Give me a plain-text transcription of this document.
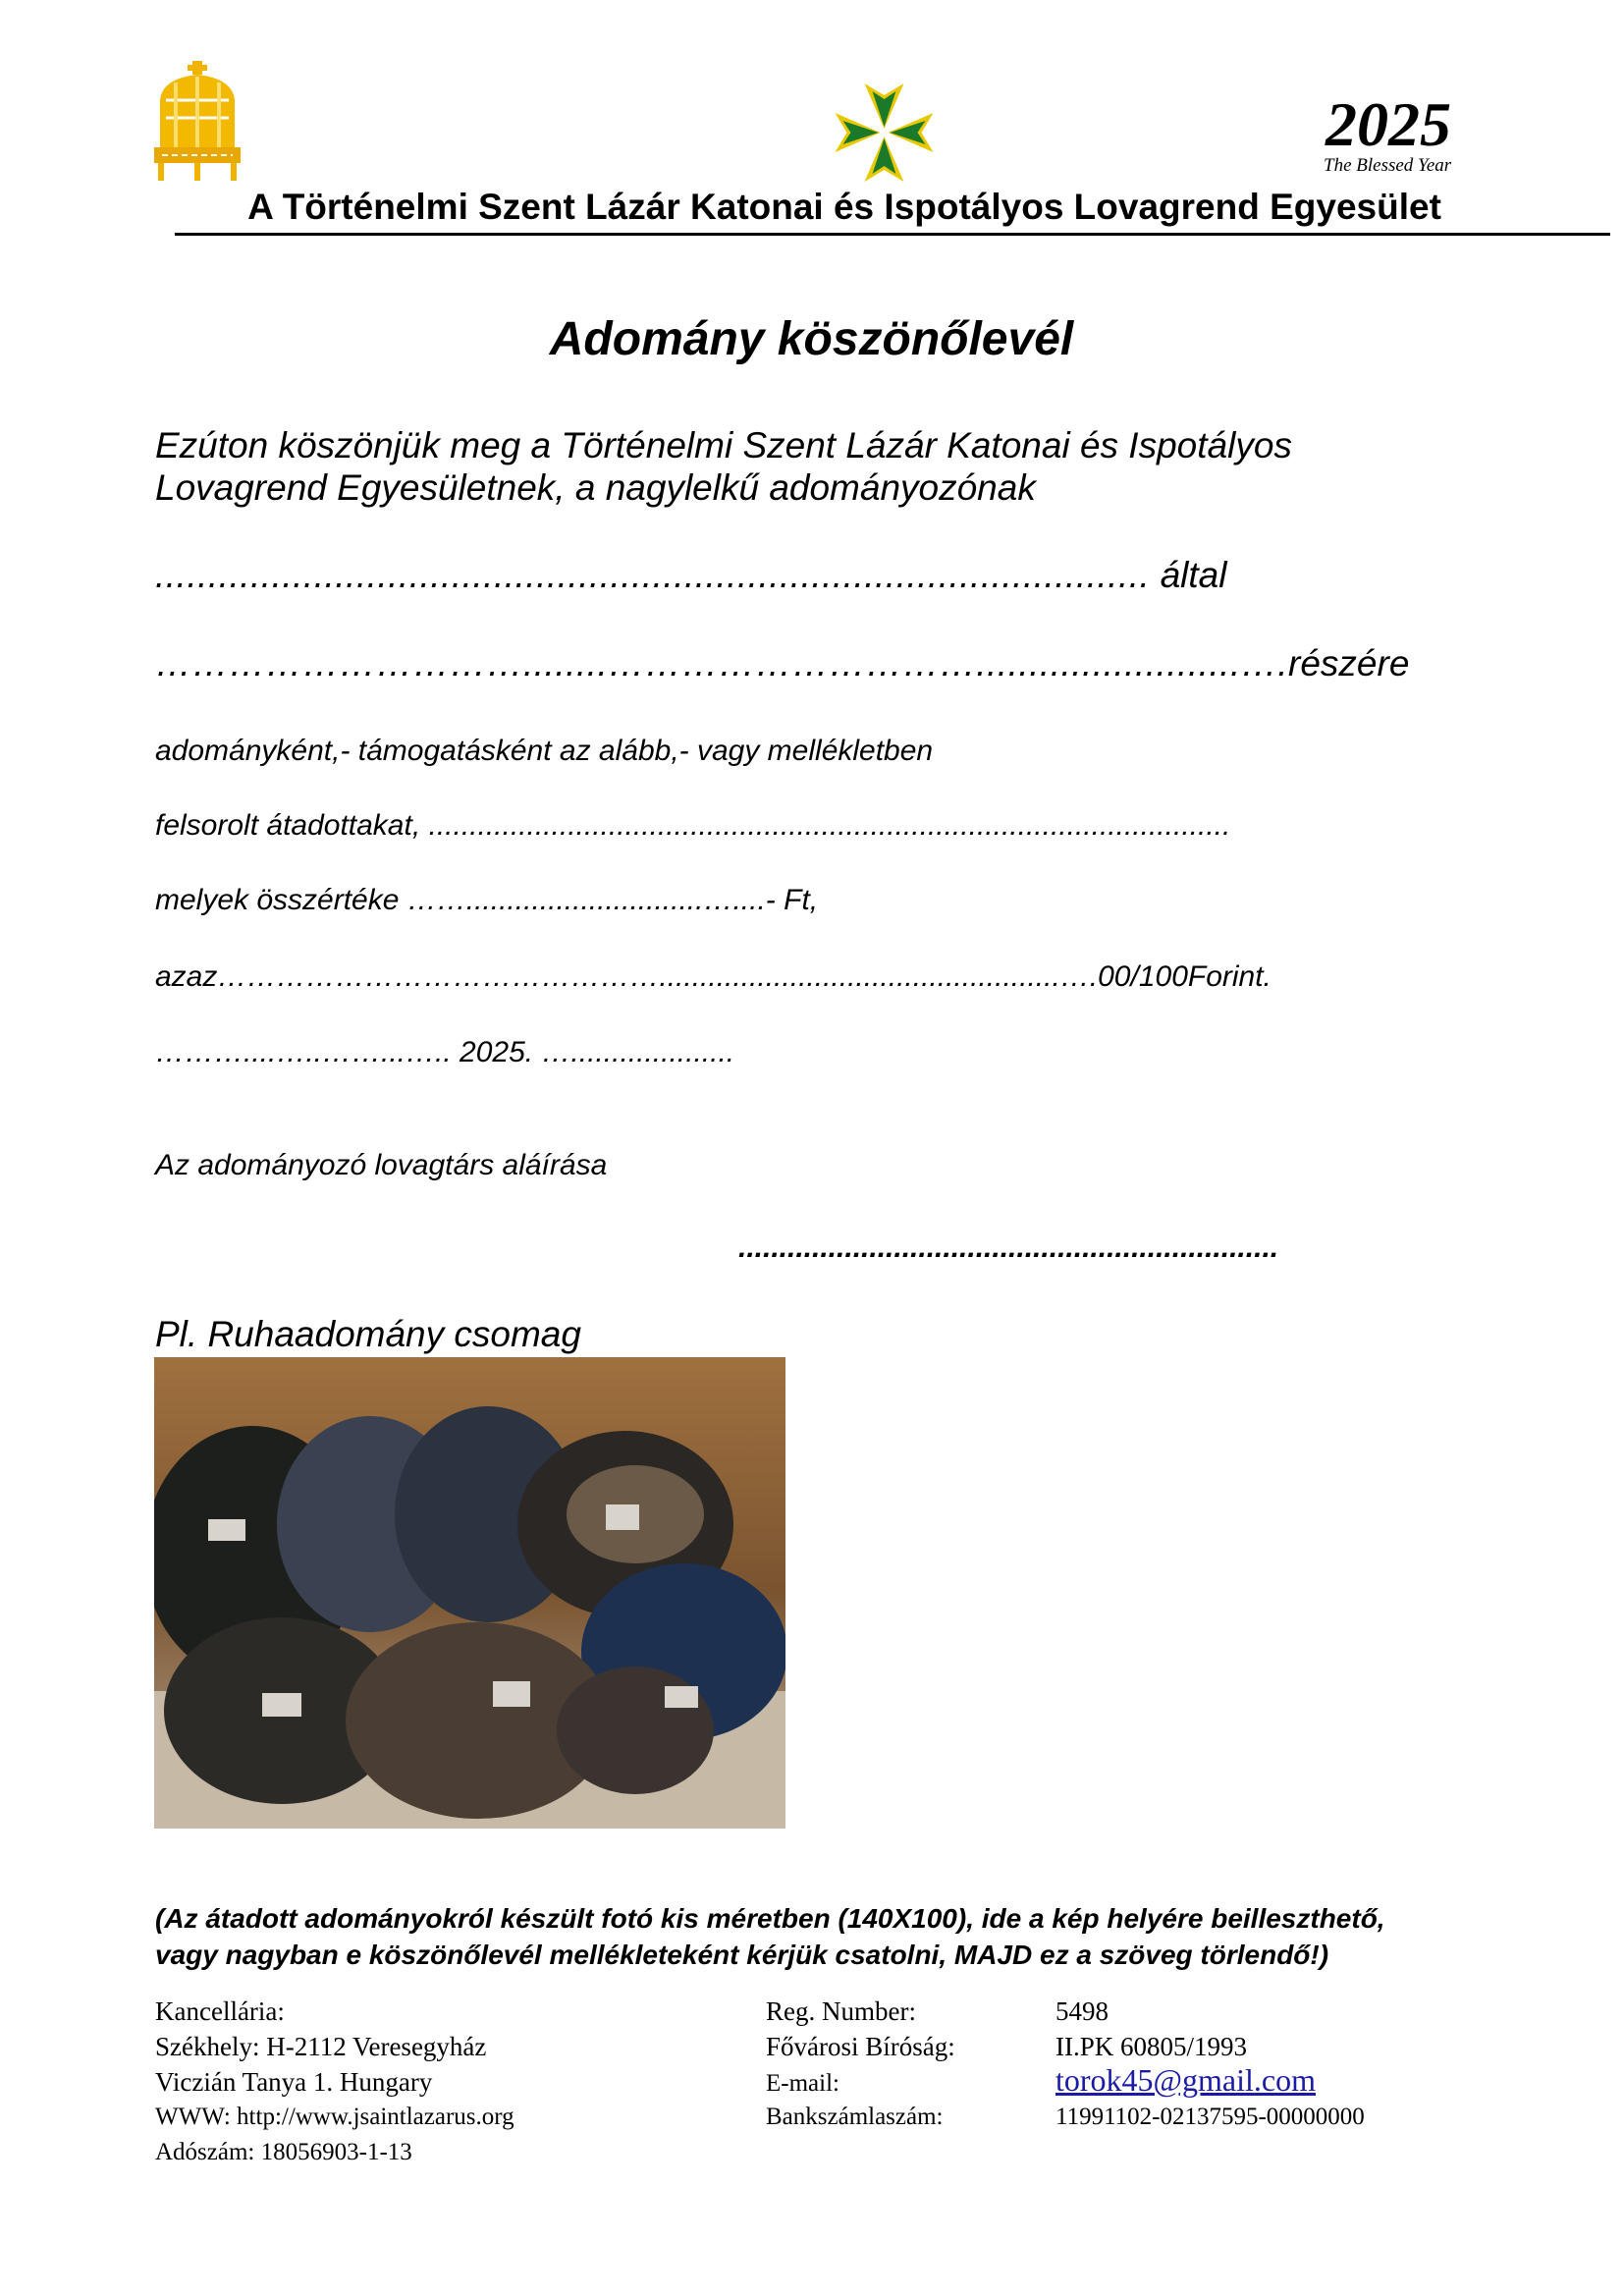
2025
The Blessed Year
A Történelmi Szent Lázár Katonai és Ispotályos Lovagrend Egyesület
Adomány köszönőlevél
Ezúton köszönjük meg a Történelmi Szent Lázár Katonai és Ispotályos
Lovagrend Egyesületnek, a nagylelkű adományozónak
.............................................................................................. által
…………………………........………………………….........................….részére
adományként,- támogatásként az alább,- vagy mellékletben
felsorolt átadottakat, ..................................................................................................
melyek összértéke …….............................…....- Ft,
azaz……………………………………….................................................….00/100Forint.
………....…..……...….. 2025. …....................
Az adományozó lovagtárs aláírása
..................................................................
Pl. Ruhaadomány csomag
(Az átadott adományokról készült fotó kis méretben (140X100), ide a kép helyére beilleszthető,
vagy nagyban e köszönőlevél mellékleteként kérjük csatolni, MAJD ez a szöveg törlendő!)
Kancellária:
Székhely: H-2112 Veresegyház
Viczián Tanya 1. Hungary
WWW: http://www.jsaintlazarus.org
Adószám: 18056903-1-13
Reg. Number:
Fővárosi Bíróság:
E-mail:
Bankszámlaszám:
5498
II.PK 60805/1993
torok45@gmail.com
11991102-02137595-00000000
